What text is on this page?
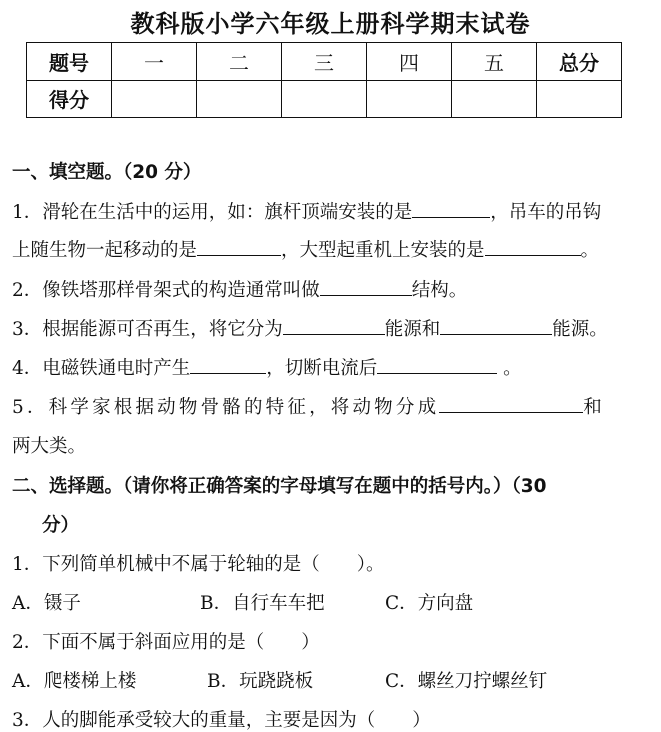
教科版小学六年级上册科学期末试卷
题号	一	二	三	四	五	总分
得分						
一、填空题。（20 分）
1．滑轮在生活中的运用，如：旗杆顶端安装的是	，吊车的吊钩
上随生物一起移动的是	，大型起重机上安装的是	。
2．像铁塔那样骨架式的构造通常叫做	结构。
3．根据能源可否再生，将它分为	能源和	能源。
4．电磁铁通电时产生	，切断电流后	。
5．科学家根据动物骨骼的特征，将动物分成	和
两大类。
二、选择题。（请你将正确答案的字母填写在题中的括号内。）（30
分）
1．下列简单机械中不属于轮轴的是（　　）。
A．镊子	B．自行车车把	C．方向盘
2．下面不属于斜面应用的是（　　）
A．爬楼梯上楼	B．玩跷跷板	C．螺丝刀拧螺丝钉
3．人的脚能承受较大的重量，主要是因为（　　）
